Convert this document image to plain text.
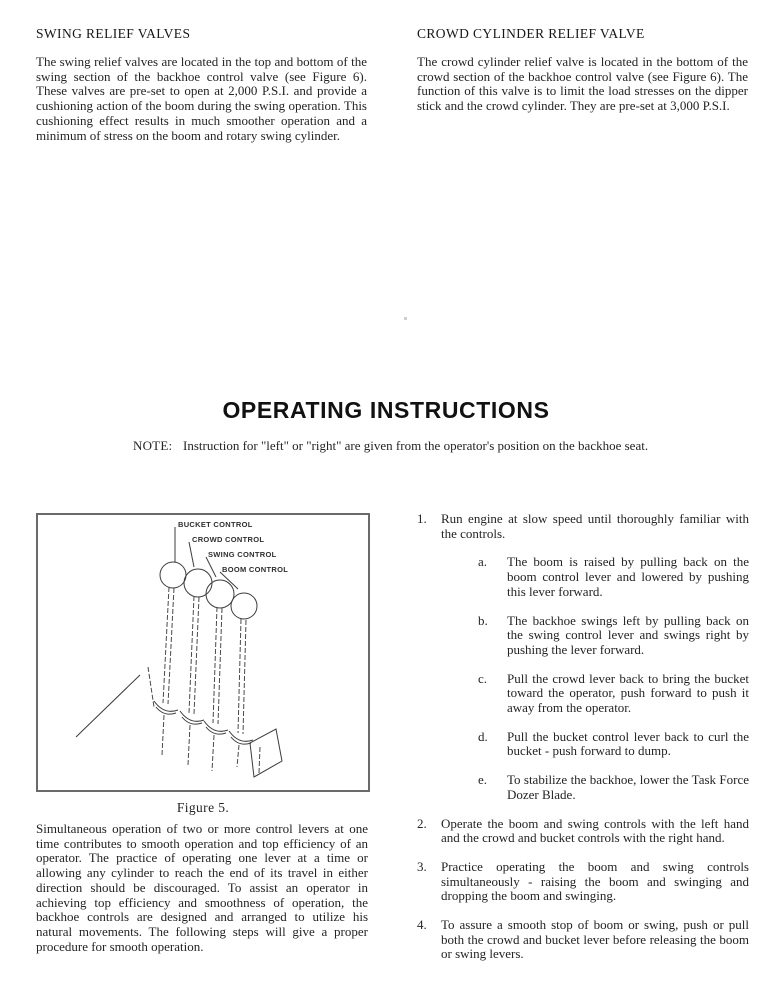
SWING RELIEF VALVES

The swing relief valves are located in the top and bottom of the swing section of the backhoe control valve (see Figure 6). These valves are pre-set to open at 2,000 P.S.I. and provide a cushioning action of the boom during the swing operation. This cushioning effect results in much smoother operation and a minimum of stress on the boom and rotary swing cylinder.

CROWD CYLINDER RELIEF VALVE

The crowd cylinder relief valve is located in the bottom of the crowd section of the backhoe control valve (see Figure 6). The function of this valve is to limit the load stresses on the dipper stick and the crowd cylinder. They are pre-set at 3,000 P.S.I.

OPERATING INSTRUCTIONS
NOTE: Instruction for "left" or "right" are given from the operator's position on the backhoe seat.
BUCKET CONTROL
CROWD CONTROL
SWING CONTROL
BOOM CONTROL
Figure 5.

Simultaneous operation of two or more control levers at one time contributes to smooth operation and top efficiency of an operator. The practice of operating one lever at a time or allowing any cylinder to reach the end of its travel in either direction should be discouraged. To assist an operator in achieving top efficiency and smoothness of operation, the backhoe controls are designed and arranged to utilize his natural movements. The following steps will give a proper procedure for smooth operation.

1.	Run engine at slow speed until thoroughly familiar with the controls.
a.	The boom is raised by pulling back on the boom control lever and lowered by pushing this lever forward.
b.	The backhoe swings left by pulling back on the swing control lever and swings right by pushing the lever forward.
c.	Pull the crowd lever back to bring the bucket toward the operator, push forward to push it away from the operator.
d.	Pull the bucket control lever back to curl the bucket - push forward to dump.
e.	To stabilize the backhoe, lower the Task Force Dozer Blade.
2.	Operate the boom and swing controls with the left hand and the crowd and bucket controls with the right hand.
3.	Practice operating the boom and swing controls simultaneously - raising the boom and swinging and dropping the boom and swinging.
4.	To assure a smooth stop of boom or swing, push or pull both the crowd and bucket lever before releasing the boom or swing levers.
